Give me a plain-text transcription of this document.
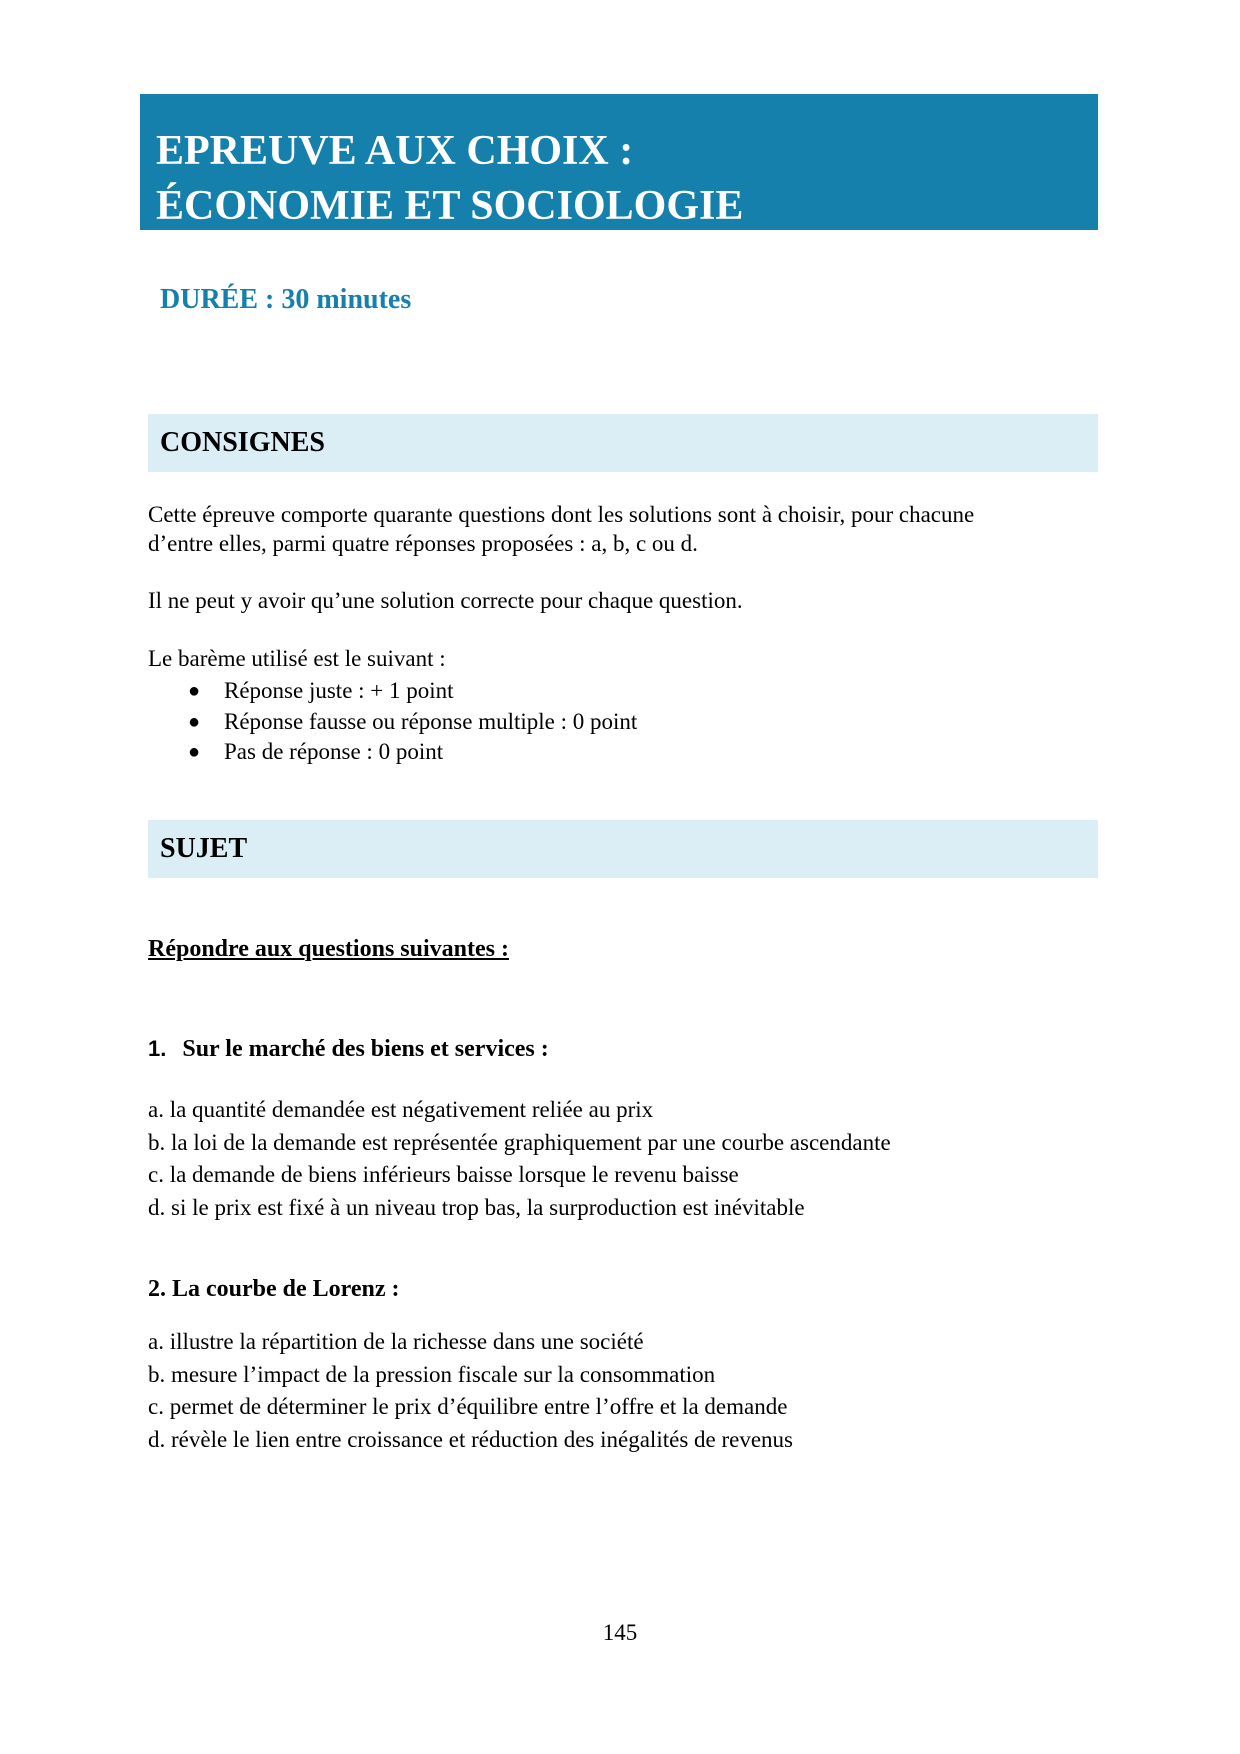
EPREUVE AUX CHOIX :
ÉCONOMIE ET SOCIOLOGIE
DURÉE : 30 minutes
CONSIGNES
Cette épreuve comporte quarante questions dont les solutions sont à choisir, pour chacune
d’entre elles, parmi quatre réponses proposées : a, b, c ou d.
Il ne peut y avoir qu’une solution correcte pour chaque question.
Le barème utilisé est le suivant :
● Réponse juste : + 1 point
● Réponse fausse ou réponse multiple : 0 point
● Pas de réponse : 0 point
SUJET
Répondre aux questions suivantes :
1. Sur le marché des biens et services :
a. la quantité demandée est négativement reliée au prix
b. la loi de la demande est représentée graphiquement par une courbe ascendante
c. la demande de biens inférieurs baisse lorsque le revenu baisse
d. si le prix est fixé à un niveau trop bas, la surproduction est inévitable
2. La courbe de Lorenz :
a. illustre la répartition de la richesse dans une société
b. mesure l’impact de la pression fiscale sur la consommation
c. permet de déterminer le prix d’équilibre entre l’offre et la demande
d. révèle le lien entre croissance et réduction des inégalités de revenus
145
